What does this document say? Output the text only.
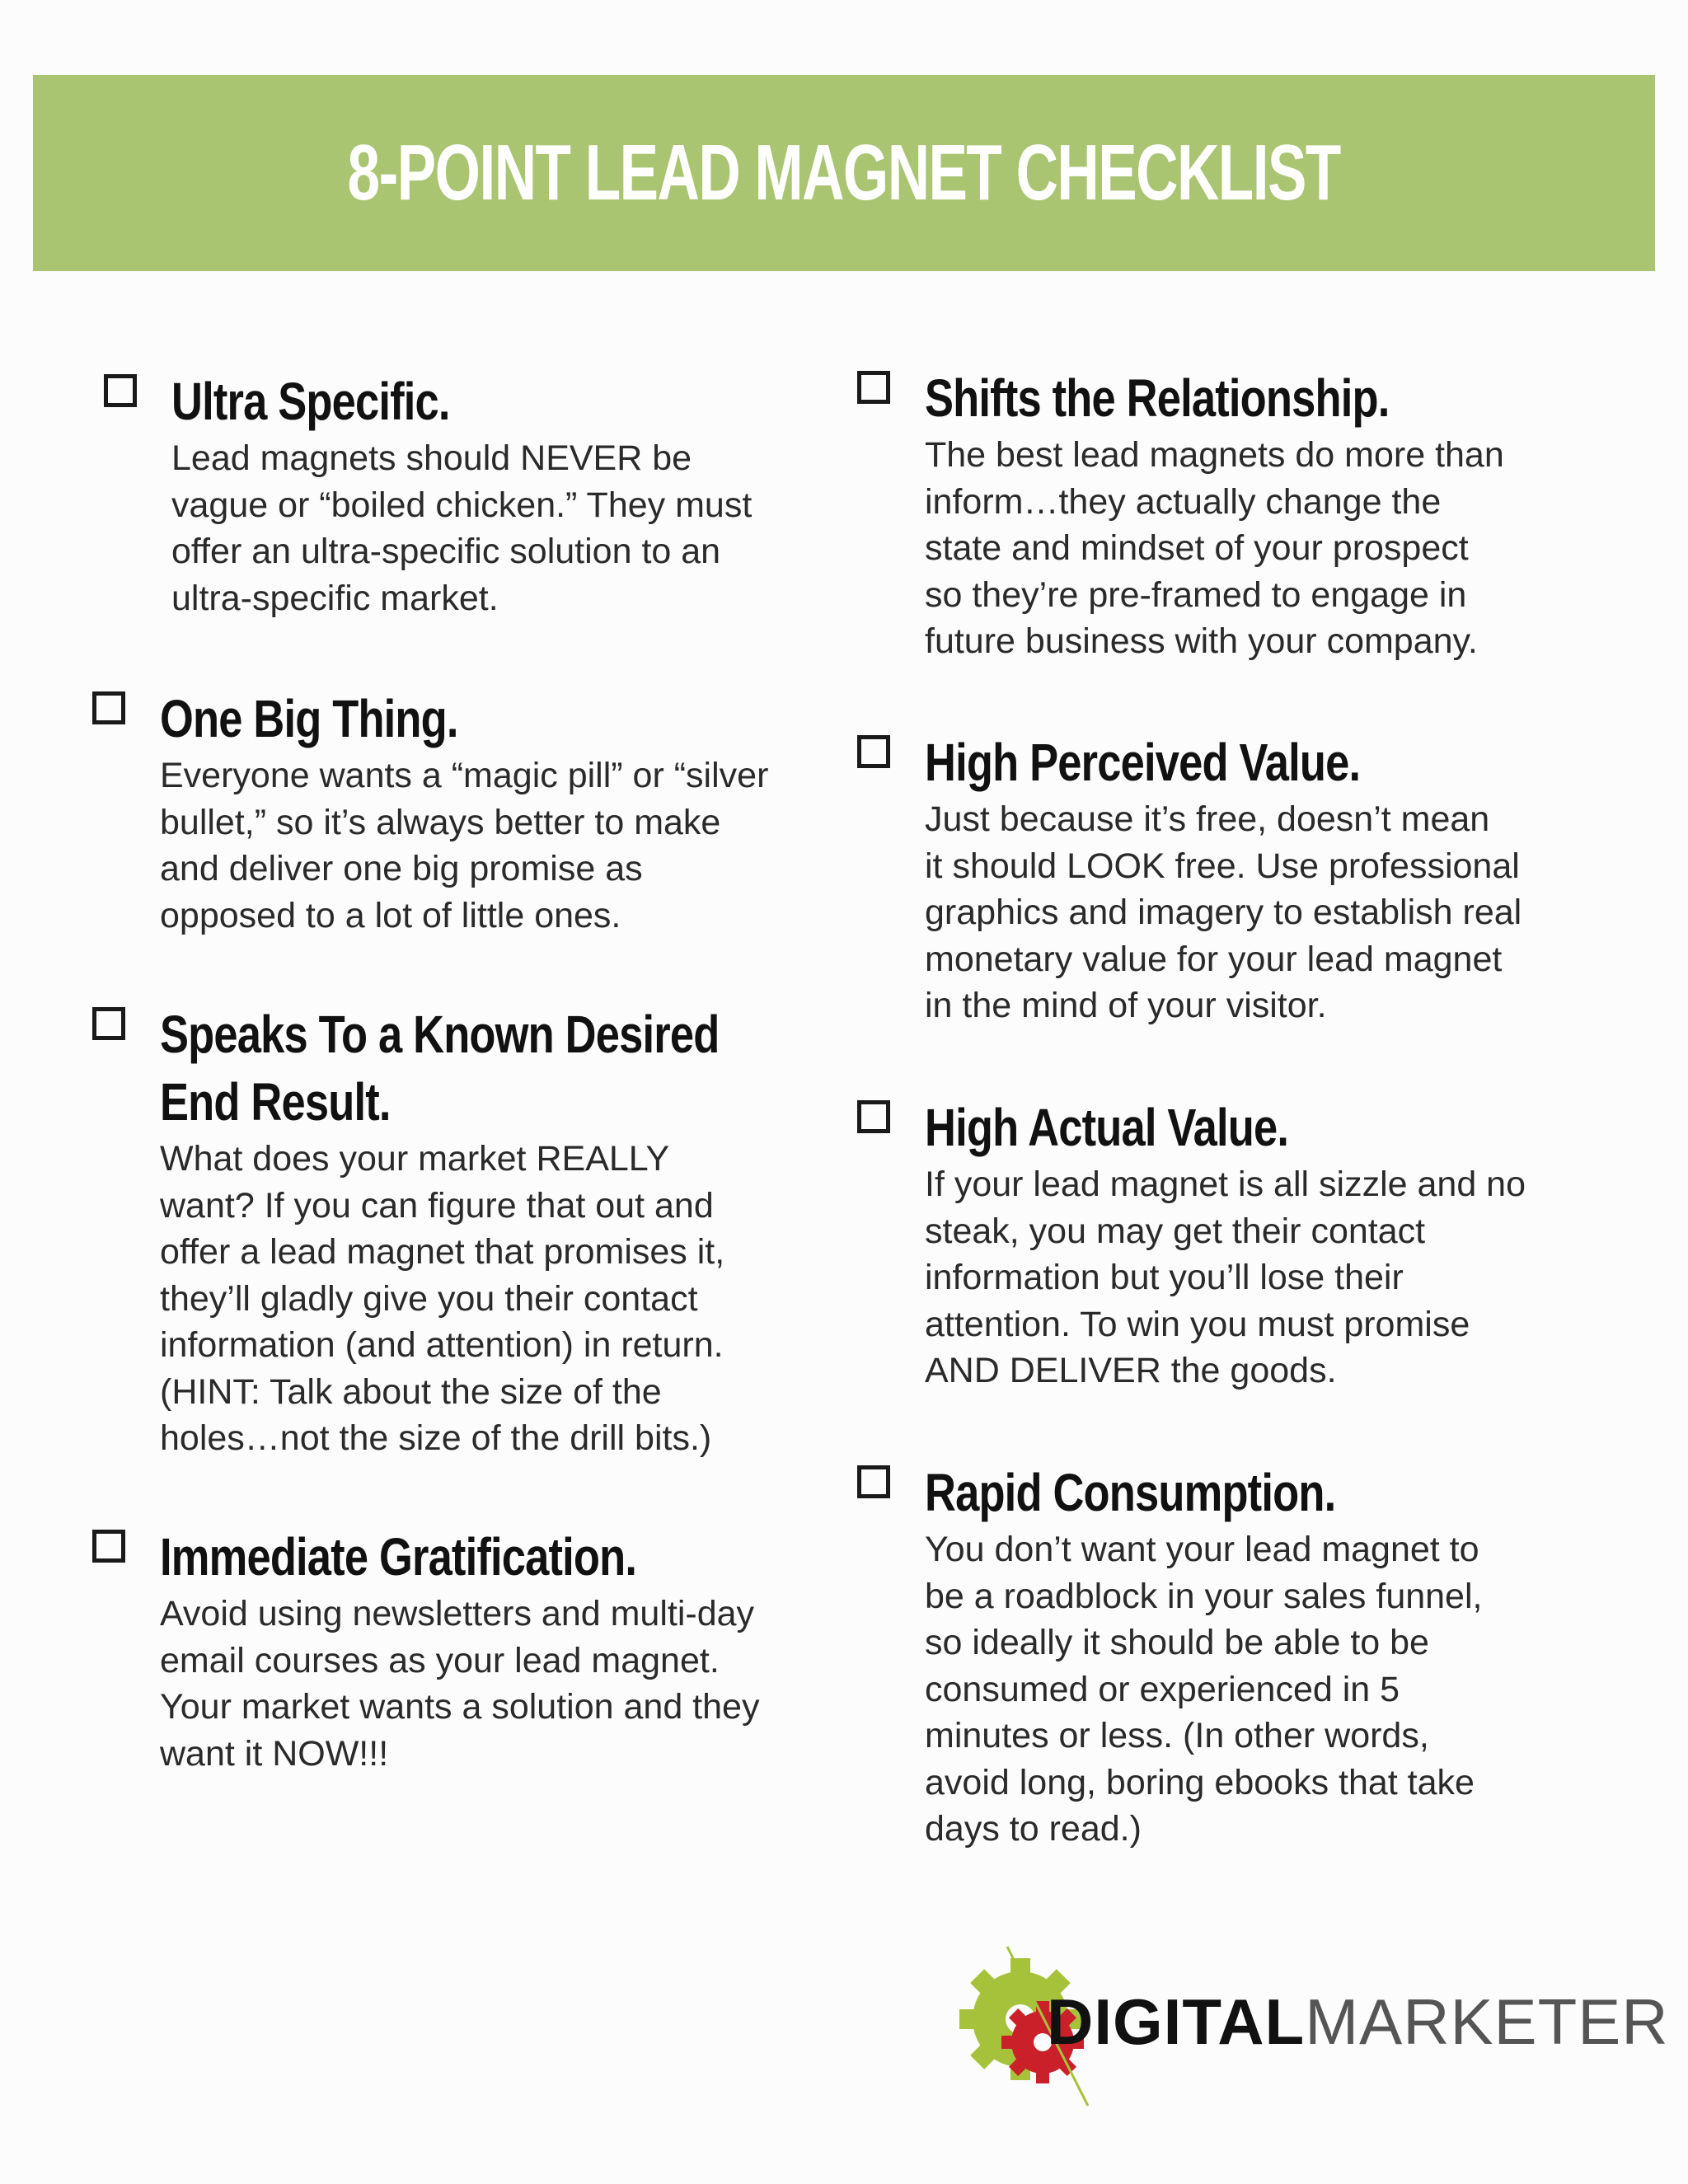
8-POINT LEAD MAGNET CHECKLIST
Ultra Specific.

Lead magnets should NEVER be
vague or “boiled chicken.” They must
offer an ultra-specific solution to an
ultra-specific market.

One Big Thing.

Everyone wants a “magic pill” or “silver
bullet,” so it’s always better to make
and deliver one big promise as
opposed to a lot of little ones.

Speaks To a Known Desired
End Result.

What does your market REALLY
want? If you can figure that out and
offer a lead magnet that promises it,
they’ll gladly give you their contact
information (and attention) in return.
(HINT: Talk about the size of the
holes…not the size of the drill bits.)

Immediate Gratification.

Avoid using newsletters and multi-day
email courses as your lead magnet.
Your market wants a solution and they
want it NOW!!!

Shifts the Relationship.

The best lead magnets do more than
inform…they actually change the
state and mindset of your prospect
so they’re pre-framed to engage in
future business with your company.

High Perceived Value.

Just because it’s free, doesn’t mean
it should LOOK free. Use professional
graphics and imagery to establish real
monetary value for your lead magnet
in the mind of your visitor.

High Actual Value.

If your lead magnet is all sizzle and no
steak, you may get their contact
information but you’ll lose their
attention. To win you must promise
AND DELIVER the goods.

Rapid Consumption.

You don’t want your lead magnet to
be a roadblock in your sales funnel,
so ideally it should be able to be
consumed or experienced in 5
minutes or less. (In other words,
avoid long, boring ebooks that take
days to read.)

DIGITALMARKETER
